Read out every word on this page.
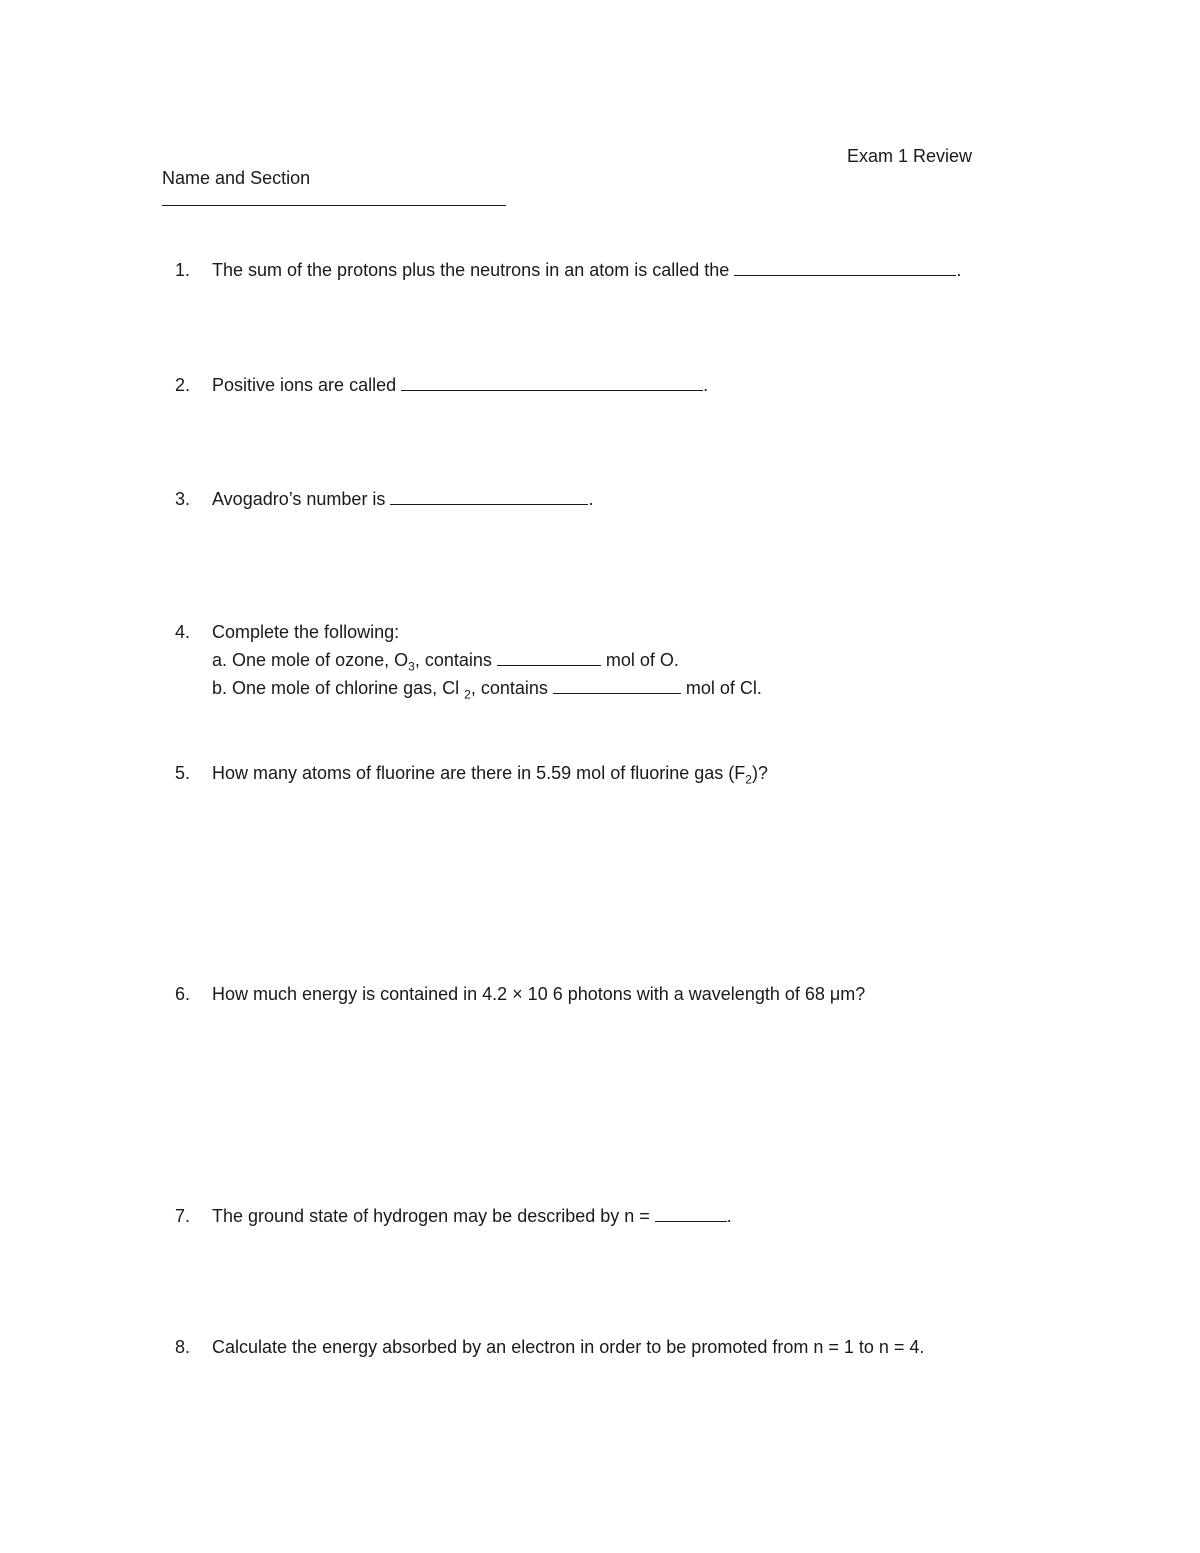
Name and Section

Exam 1 Review
1. The sum of the protons plus the neutrons in an atom is called the	.
2. Positive ions are called	.
3. Avogadro’s number is	.
4. Complete the following:
a. One mole of ozone, $O_3$, contains	mol of O.
b. One mole of chlorine gas, Cl $_2$, contains	mol of Cl.
5. How many atoms of fluorine are there in 5.59 mol of fluorine gas $(F_2)$?
6. How much energy is contained in 4.2 × 10 6 photons with a wavelength of 68 μm?
7. The ground state of hydrogen may be described by n =	.
8. Calculate the energy absorbed by an electron in order to be promoted from n = 1 to n = 4.
